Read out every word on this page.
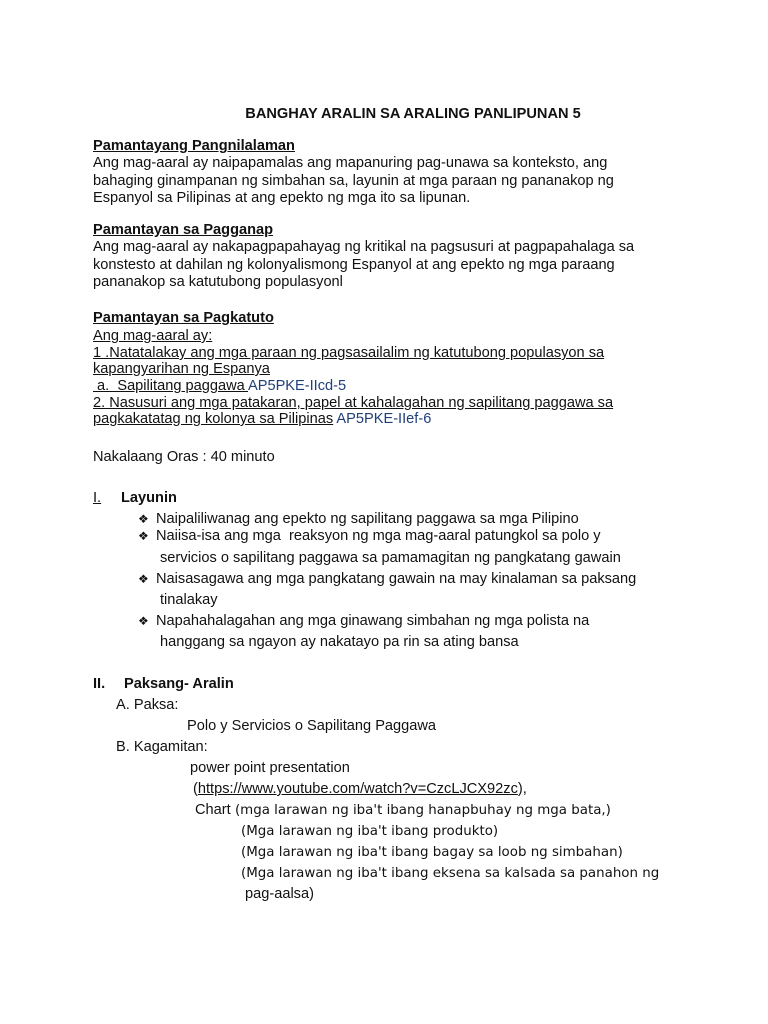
BANGHAY ARALIN SA ARALING PANLIPUNAN 5
Pamantayang Pangnilalaman
Ang mag-aaral ay naipapamalas ang mapanuring pag-unawa sa konteksto, ang
bahaging ginampanan ng simbahan sa, layunin at mga paraan ng pananakop ng
Espanyol sa Pilipinas at ang epekto ng mga ito sa lipunan.
Pamantayan sa Pagganap
Ang mag-aaral ay nakapagpapahayag ng kritikal na pagsusuri at pagpapahalaga sa
konstesto at dahilan ng kolonyalismong Espanyol at ang epekto ng mga paraang
pananakop sa katutubong populasyonl
Pamantayan sa Pagkatuto
Ang mag-aaral ay:
1 .Natatalakay ang mga paraan ng pagsasailalim ng katutubong populasyon sa
kapangyarihan ng Espanya
a.  Sapilitang paggawa AP5PKE-IIcd-5
2. Nasusuri ang mga patakaran, papel at kahalagahan ng sapilitang paggawa sa
pagkakatatag ng kolonya sa Pilipinas AP5PKE-IIef-6
Nakalaang Oras : 40 minuto
I. Layunin
❖ Naipaliliwanag ang epekto ng sapilitang paggawa sa mga Pilipino
❖ Naiisa-isa ang mga  reaksyon ng mga mag-aaral patungkol sa polo y
servicios o sapilitang paggawa sa pamamagitan ng pangkatang gawain
❖ Naisasagawa ang mga pangkatang gawain na may kinalaman sa paksang
tinalakay
❖ Napahahalagahan ang mga ginawang simbahan ng mga polista na
hanggang sa ngayon ay nakatayo pa rin sa ating bansa
II. Paksang- Aralin
A. Paksa:
Polo y Servicios o Sapilitang Paggawa
B. Kagamitan:
power point presentation
(https://www.youtube.com/watch?v=CzcLJCX92zc),
Chart (mga larawan ng iba't ibang hanapbuhay ng mga bata,)
(Mga larawan ng iba't ibang produkto)
(Mga larawan ng iba't ibang bagay sa loob ng simbahan)
(Mga larawan ng iba't ibang eksena sa kalsada sa panahon ng
pag-aalsa)
